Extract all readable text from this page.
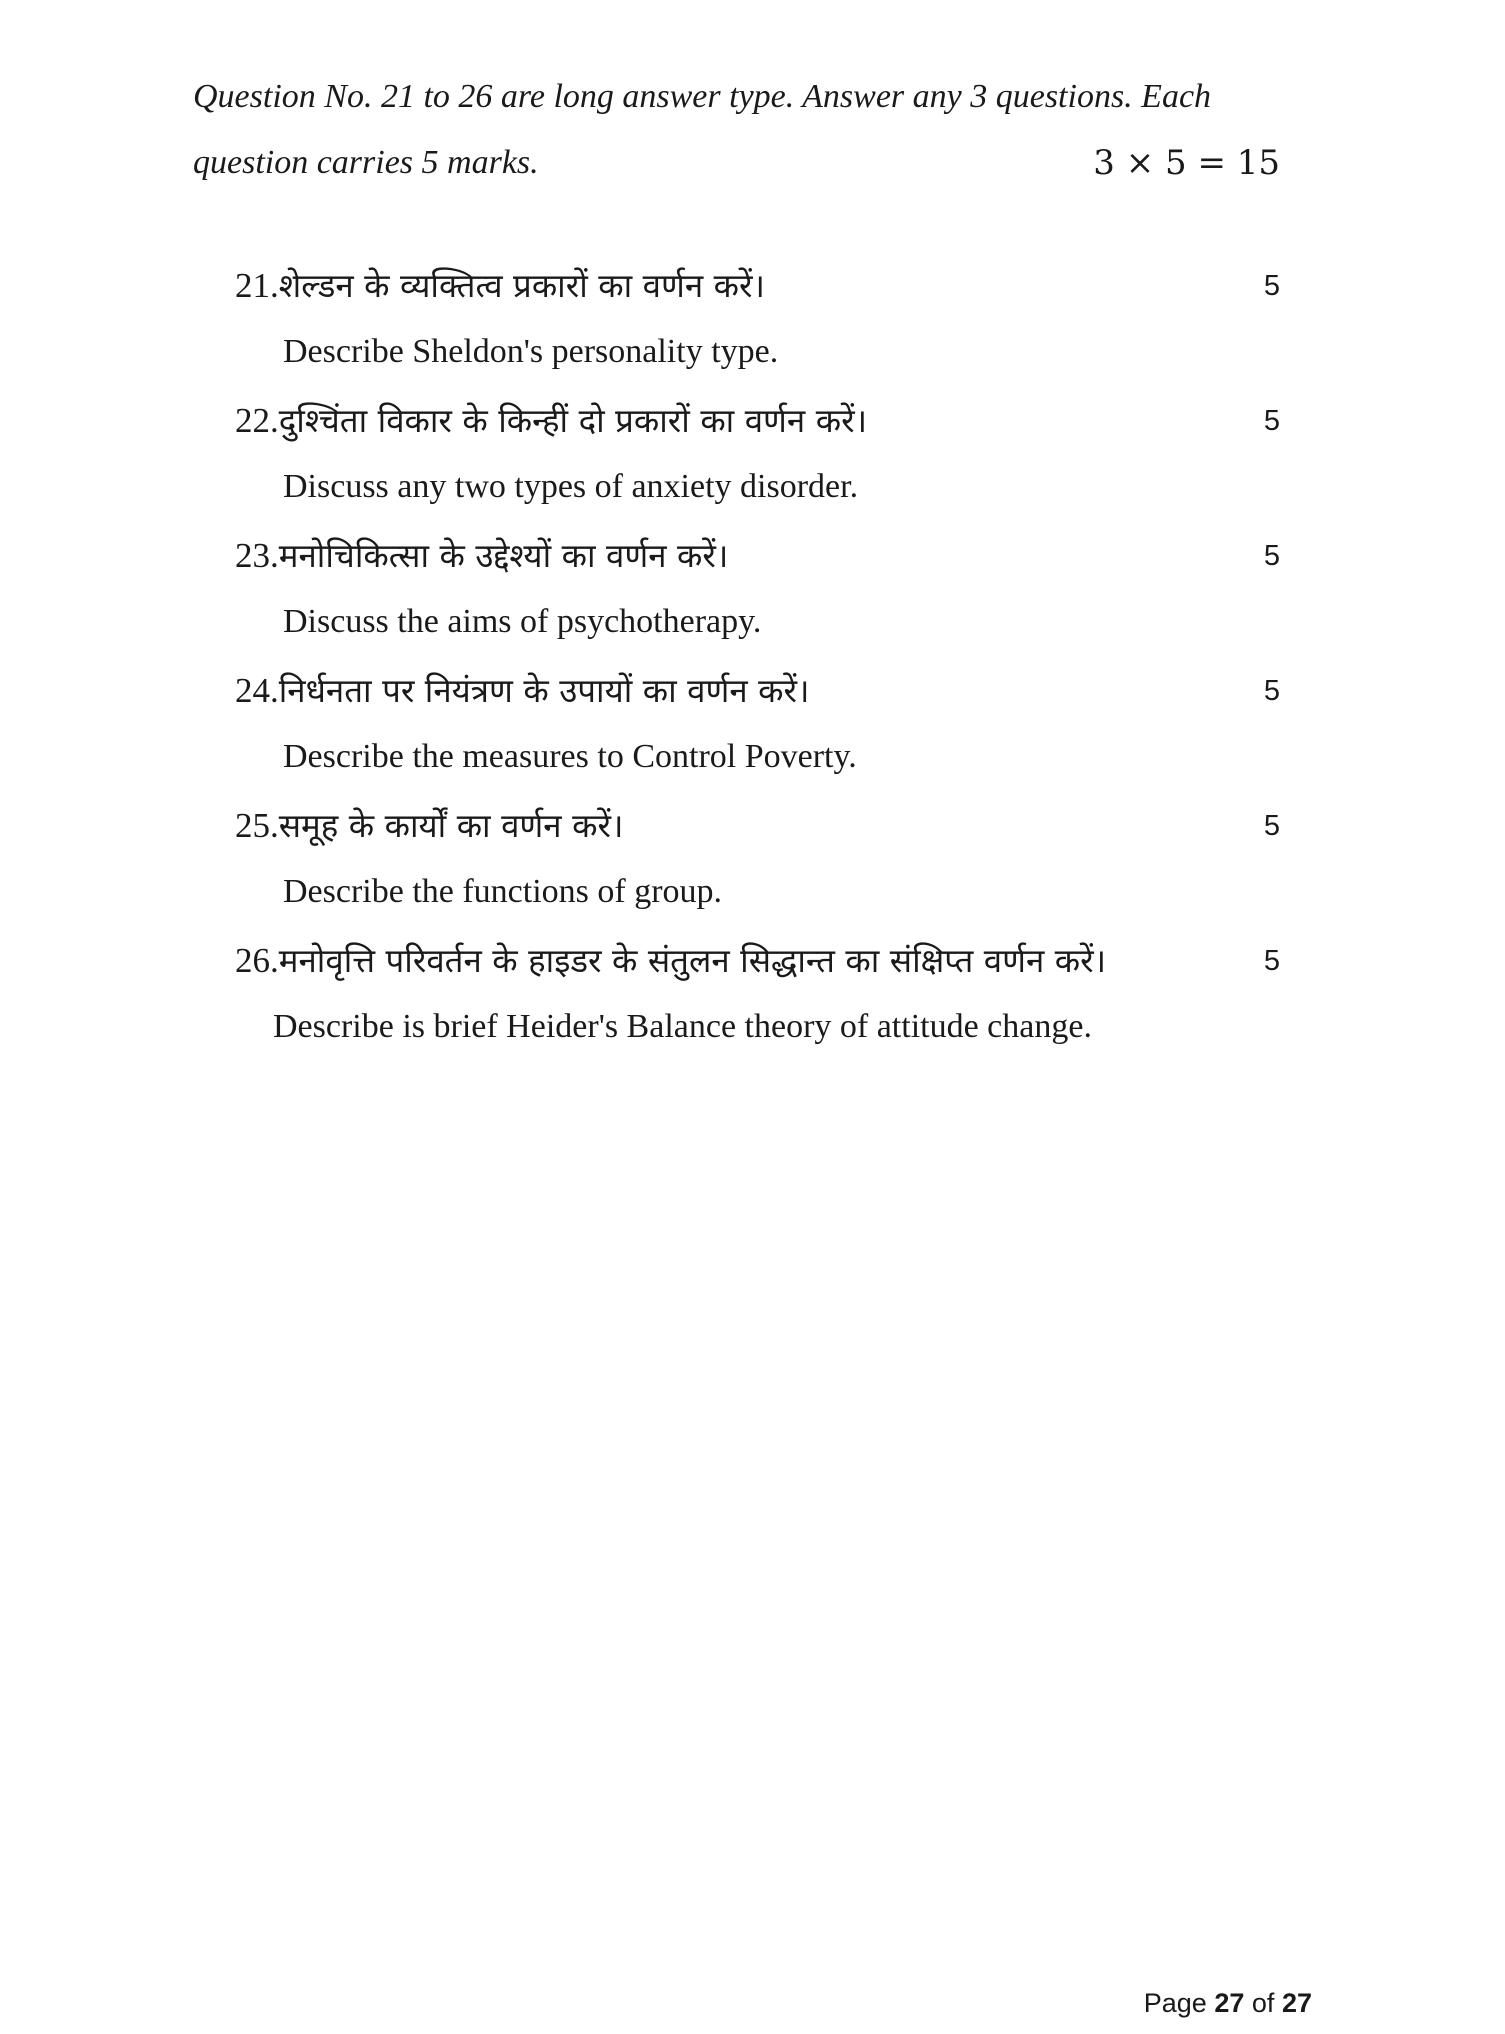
Question No. 21 to 26 are long answer type. Answer any 3 questions. Each
question carries 5 marks.	3 × 5 = 15
21.शेल्डन के व्यक्तित्व प्रकारों का वर्णन करें।	5
Describe Sheldon's personality type.
22.दुश्चिंता विकार के किन्हीं दो प्रकारों का वर्णन करें।	5
Discuss any two types of anxiety disorder.
23.मनोचिकित्सा के उद्देश्यों का वर्णन करें।	5
Discuss the aims of psychotherapy.
24.निर्धनता पर नियंत्रण के उपायों का वर्णन करें।	5
Describe the measures to Control Poverty.
25.समूह के कार्यों का वर्णन करें।	5
Describe the functions of group.
26.मनोवृत्ति परिवर्तन के हाइडर के संतुलन सिद्धान्त का संक्षिप्त वर्णन करें।	5
Describe is brief Heider's Balance theory of attitude change.
Page 27 of 27
